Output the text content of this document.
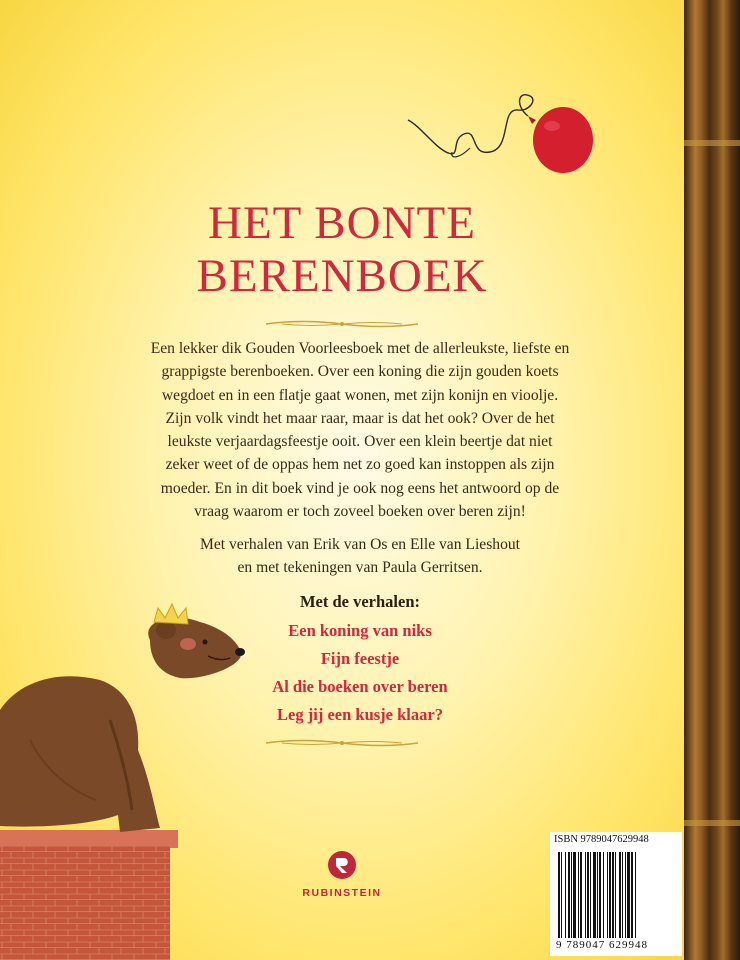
HET BONTE
BERENBOEK

Een lekker dik Gouden Voorleesboek met de allerleukste, liefste en grappigste berenboeken. Over een koning die zijn gouden koets wegdoet en in een flatje gaat wonen, met zijn konijn en vioolje. Zijn volk vindt het maar raar, maar is dat het ook? Over de het leukste verjaardagsfeestje ooit. Over een klein beertje dat niet zeker weet of de oppas hem net zo goed kan instoppen als zijn moeder. En in dit boek vind je ook nog eens het antwoord op de vraag waarom er toch zoveel boeken over beren zijn!

Met verhalen van Erik van Os en Elle van Lieshout
en met tekeningen van Paula Gerritsen.

Met de verhalen:

Een koning van niks

Fijn feestje

Al die boeken over beren

Leg jij een kusje klaar?

RUBINSTEIN
ISBN 9789047629948
9 789047 629948
